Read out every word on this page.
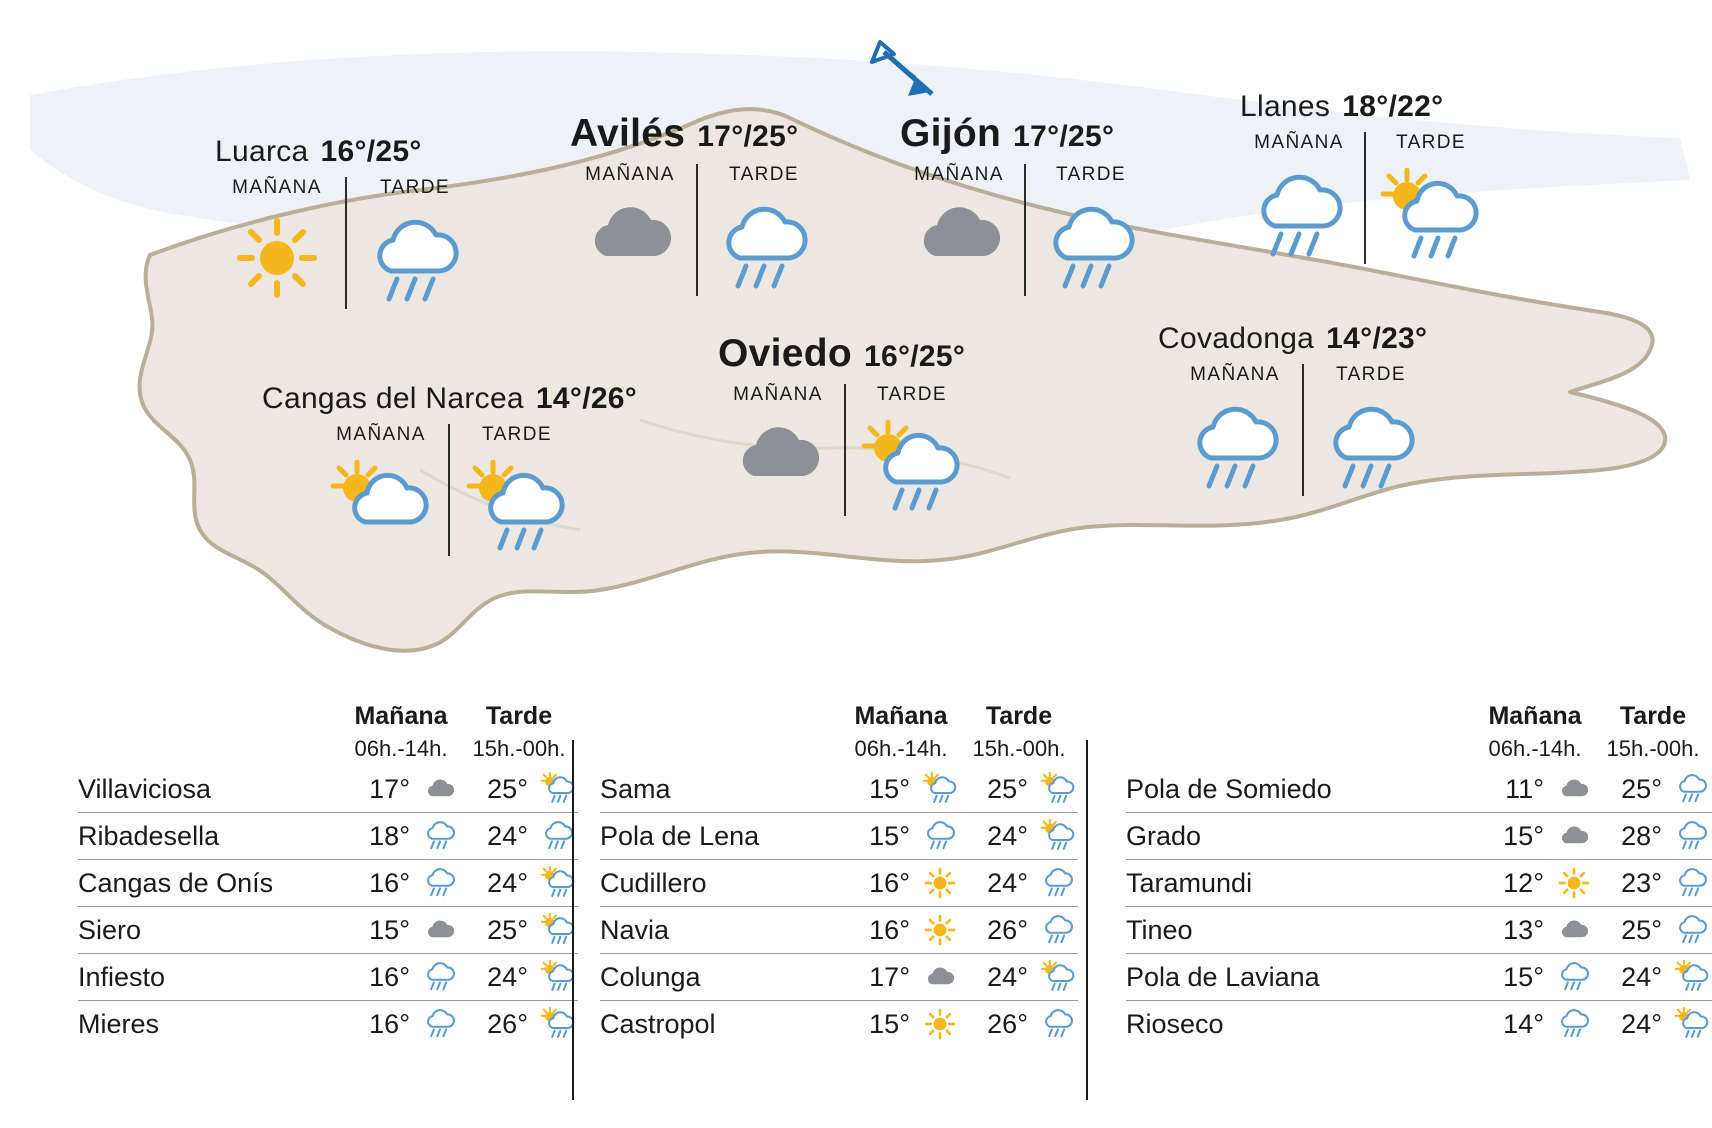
Luarca 16°/25°
MAÑANA	TARDE
Avilés 17°/25°
MAÑANA	TARDE
Gijón 17°/25°
MAÑANA	TARDE
Llanes 18°/22°
MAÑANA	TARDE
Cangas del Narcea 14°/26°
MAÑANA	TARDE
Oviedo 16°/25°
MAÑANA	TARDE
Covadonga 14°/23°
MAÑANA	TARDE
Mañana
06h.-14h.
Tarde
15h.-00h.
Villaviciosa	17°	25°
Ribadesella	18°	24°
Cangas de Onís	16°	24°
Siero	15°	25°
Infiesto	16°	24°
Mieres	16°	26°
Mañana
06h.-14h.
Tarde
15h.-00h.
Sama	15°	25°
Pola de Lena	15°	24°
Cudillero	16°	24°
Navia	16°	26°
Colunga	17°	24°
Castropol	15°	26°
Mañana
06h.-14h.
Tarde
15h.-00h.
Pola de Somiedo	11°	25°
Grado	15°	28°
Taramundi	12°	23°
Tineo	13°	25°
Pola de Laviana	15°	24°
Rioseco	14°	24°
